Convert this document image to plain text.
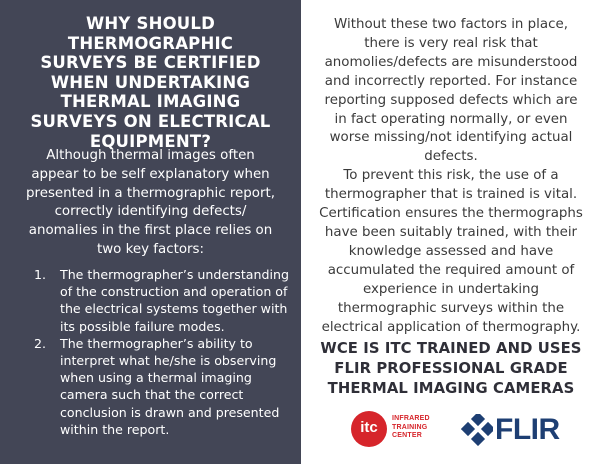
WHY SHOULD THERMOGRAPHIC SURVEYS BE CERTIFIED WHEN UNDERTAKING THERMAL IMAGING SURVEYS ON ELECTRICAL EQUIPMENT?

Although thermal images often appear to be self explanatory when presented in a thermographic report, correctly identifying defects/ anomalies in the first place relies on two key factors:

1. The thermographer’s understanding of the construction and operation of the electrical systems together with its possible failure modes.
2. The thermographer’s ability to interpret what he/she is observing when using a thermal imaging camera such that the correct conclusion is drawn and presented within the report.

Without these two factors in place, there is very real risk that anomolies/defects are misunderstood and incorrectly reported. For instance reporting supposed defects which are in fact operating normally, or even worse missing/not identifying actual defects.

To prevent this risk, the use of a thermographer that is trained is vital. Certification ensures the thermographs have been suitably trained, with their knowledge assessed and have accumulated the required amount of experience in undertaking thermographic surveys within the electrical application of thermography.

WCE IS ITC TRAINED AND USES FLIR PROFESSIONAL GRADE THERMAL IMAGING CAMERAS
itc
INFRARED
TRAINING
CENTER FLIR
